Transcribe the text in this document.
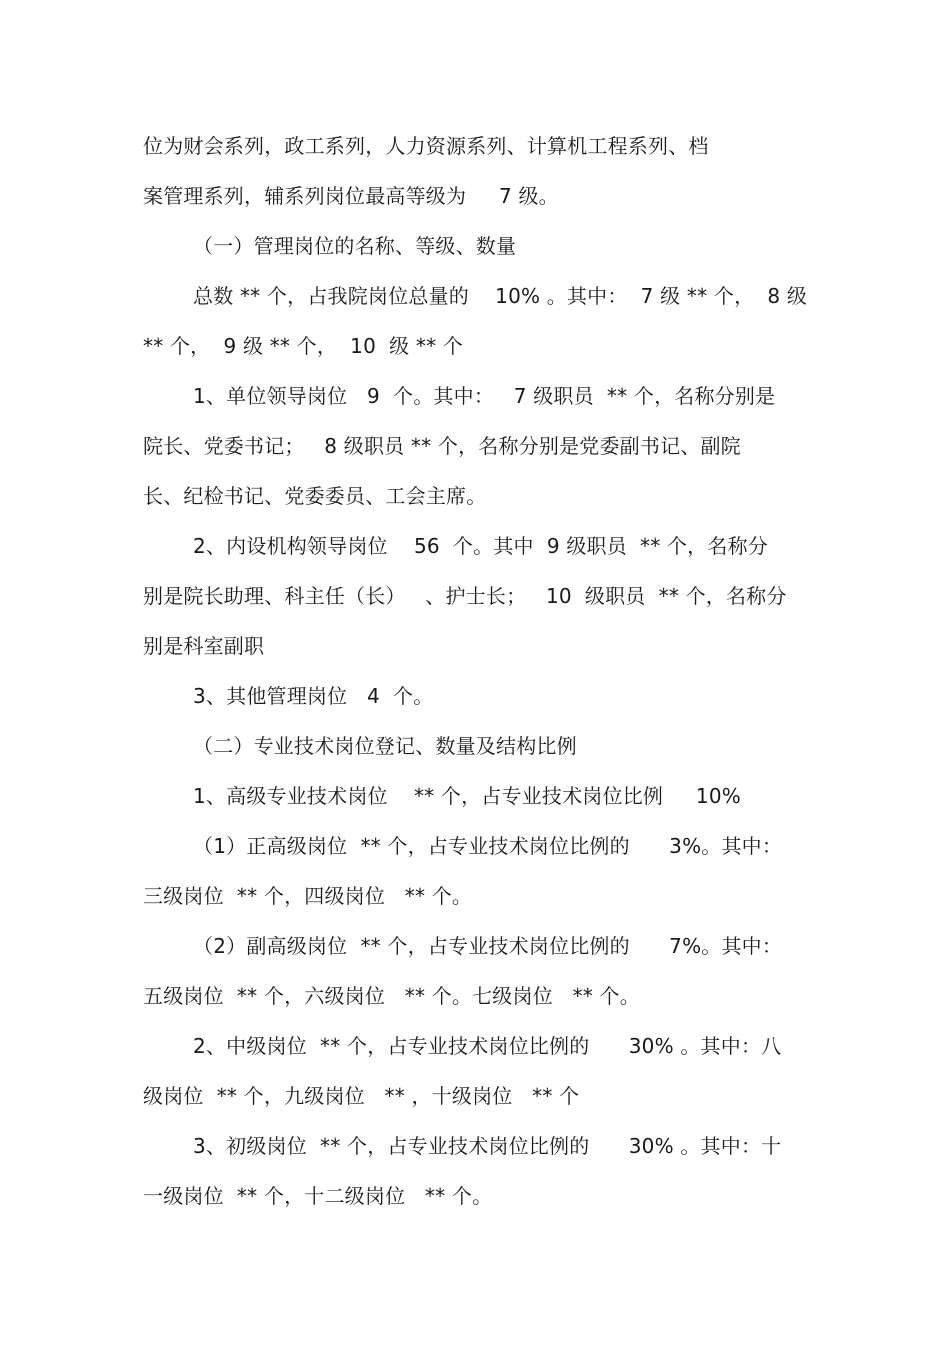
位为财会系列，政工系列，人力资源系列、计算机工程系列、档
案管理系列，辅系列岗位最高等级为     7 级。
（一）管理岗位的名称、等级、数量
总数 ** 个，占我院岗位总量的    10% 。其中：  7 级 ** 个，  8 级
** 个，  9 级 ** 个，  10  级 ** 个
1、单位领导岗位   9  个。其中：   7 级职员  ** 个，名称分别是
院长、党委书记；   8 级职员 ** 个，名称分别是党委副书记、副院
长、纪检书记、党委委员、工会主席。
2、内设机构领导岗位    56  个。其中  9 级职员  ** 个，名称分
别是院长助理、科主任（长）   、护士长；   10  级职员  ** 个，名称分
别是科室副职
3、其他管理岗位   4  个。
（二）专业技术岗位登记、数量及结构比例
1、高级专业技术岗位    ** 个，占专业技术岗位比例     10%
（1）正高级岗位  ** 个，占专业技术岗位比例的      3%。其中：
三级岗位  ** 个，四级岗位   ** 个。
（2）副高级岗位  ** 个，占专业技术岗位比例的      7%。其中：
五级岗位  ** 个，六级岗位   ** 个。七级岗位   ** 个。
2、中级岗位  ** 个，占专业技术岗位比例的      30% 。其中：八
级岗位  ** 个，九级岗位   ** ，十级岗位   ** 个
3、初级岗位  ** 个，占专业技术岗位比例的      30% 。其中：十
一级岗位  ** 个，十二级岗位   ** 个。
